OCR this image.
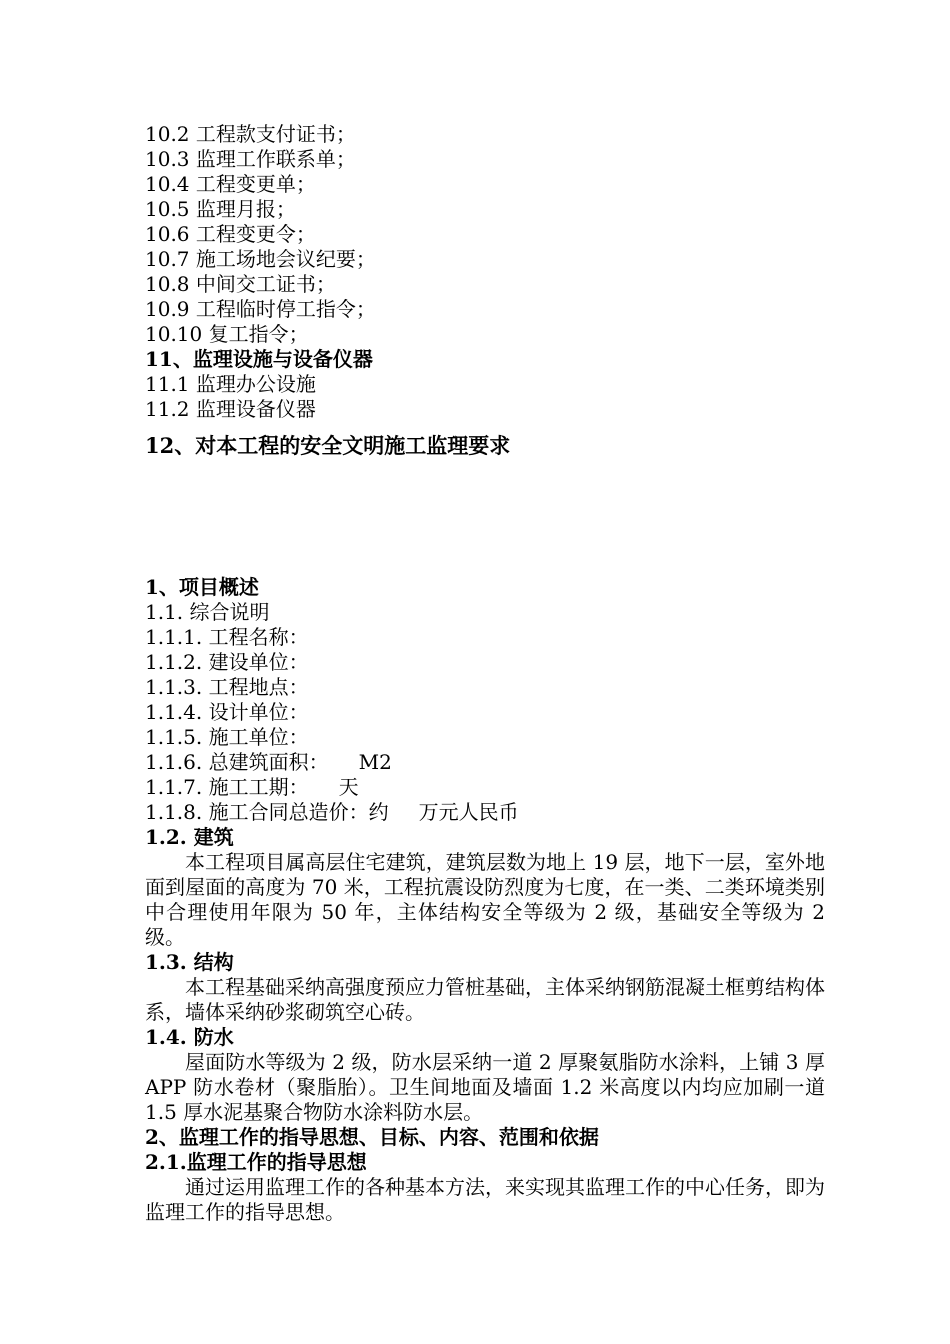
10.2 工程款支付证书；
10.3 监理工作联系单；
10.4 工程变更单；
10.5 监理月报；
10.6 工程变更令；
10.7 施工场地会议纪要；
10.8 中间交工证书；
10.9 工程临时停工指令；
10.10 复工指令；
11、监理设施与设备仪器
11.1 监理办公设施
11.2 监理设备仪器
12、对本工程的安全文明施工监理要求
1、项目概述
1.1. 综合说明
1.1.1. 工程名称：
1.1.2. 建设单位：
1.1.3. 工程地点：
1.1.4. 设计单位：
1.1.5. 施工单位：
1.1.6. 总建筑面积： M2
1.1.7. 施工工期： 天
1.1.8. 施工合同总造价：约 万元人民币
1.2. 建筑
本工程项目属高层住宅建筑，建筑层数为地上 19 层，地下一层，室外地面到屋面的高度为 70 米，工程抗震设防烈度为七度，在一类、二类环境类别中合理使用年限为 50 年，主体结构安全等级为 2 级，基础安全等级为 2 级。
1.3. 结构
本工程基础采纳高强度预应力管桩基础，主体采纳钢筋混凝土框剪结构体系，墙体采纳砂浆砌筑空心砖。
1.4. 防水
屋面防水等级为 2 级，防水层采纳一道 2 厚聚氨脂防水涂料，上铺 3 厚 APP 防水卷材（聚脂胎）。卫生间地面及墙面 1.2 米高度以内均应加刷一道 1.5 厚水泥基聚合物防水涂料防水层。
2、监理工作的指导思想、目标、内容、范围和依据
2.1.监理工作的指导思想
通过运用监理工作的各种基本方法，来实现其监理工作的中心任务，即为监理工作的指导思想。
